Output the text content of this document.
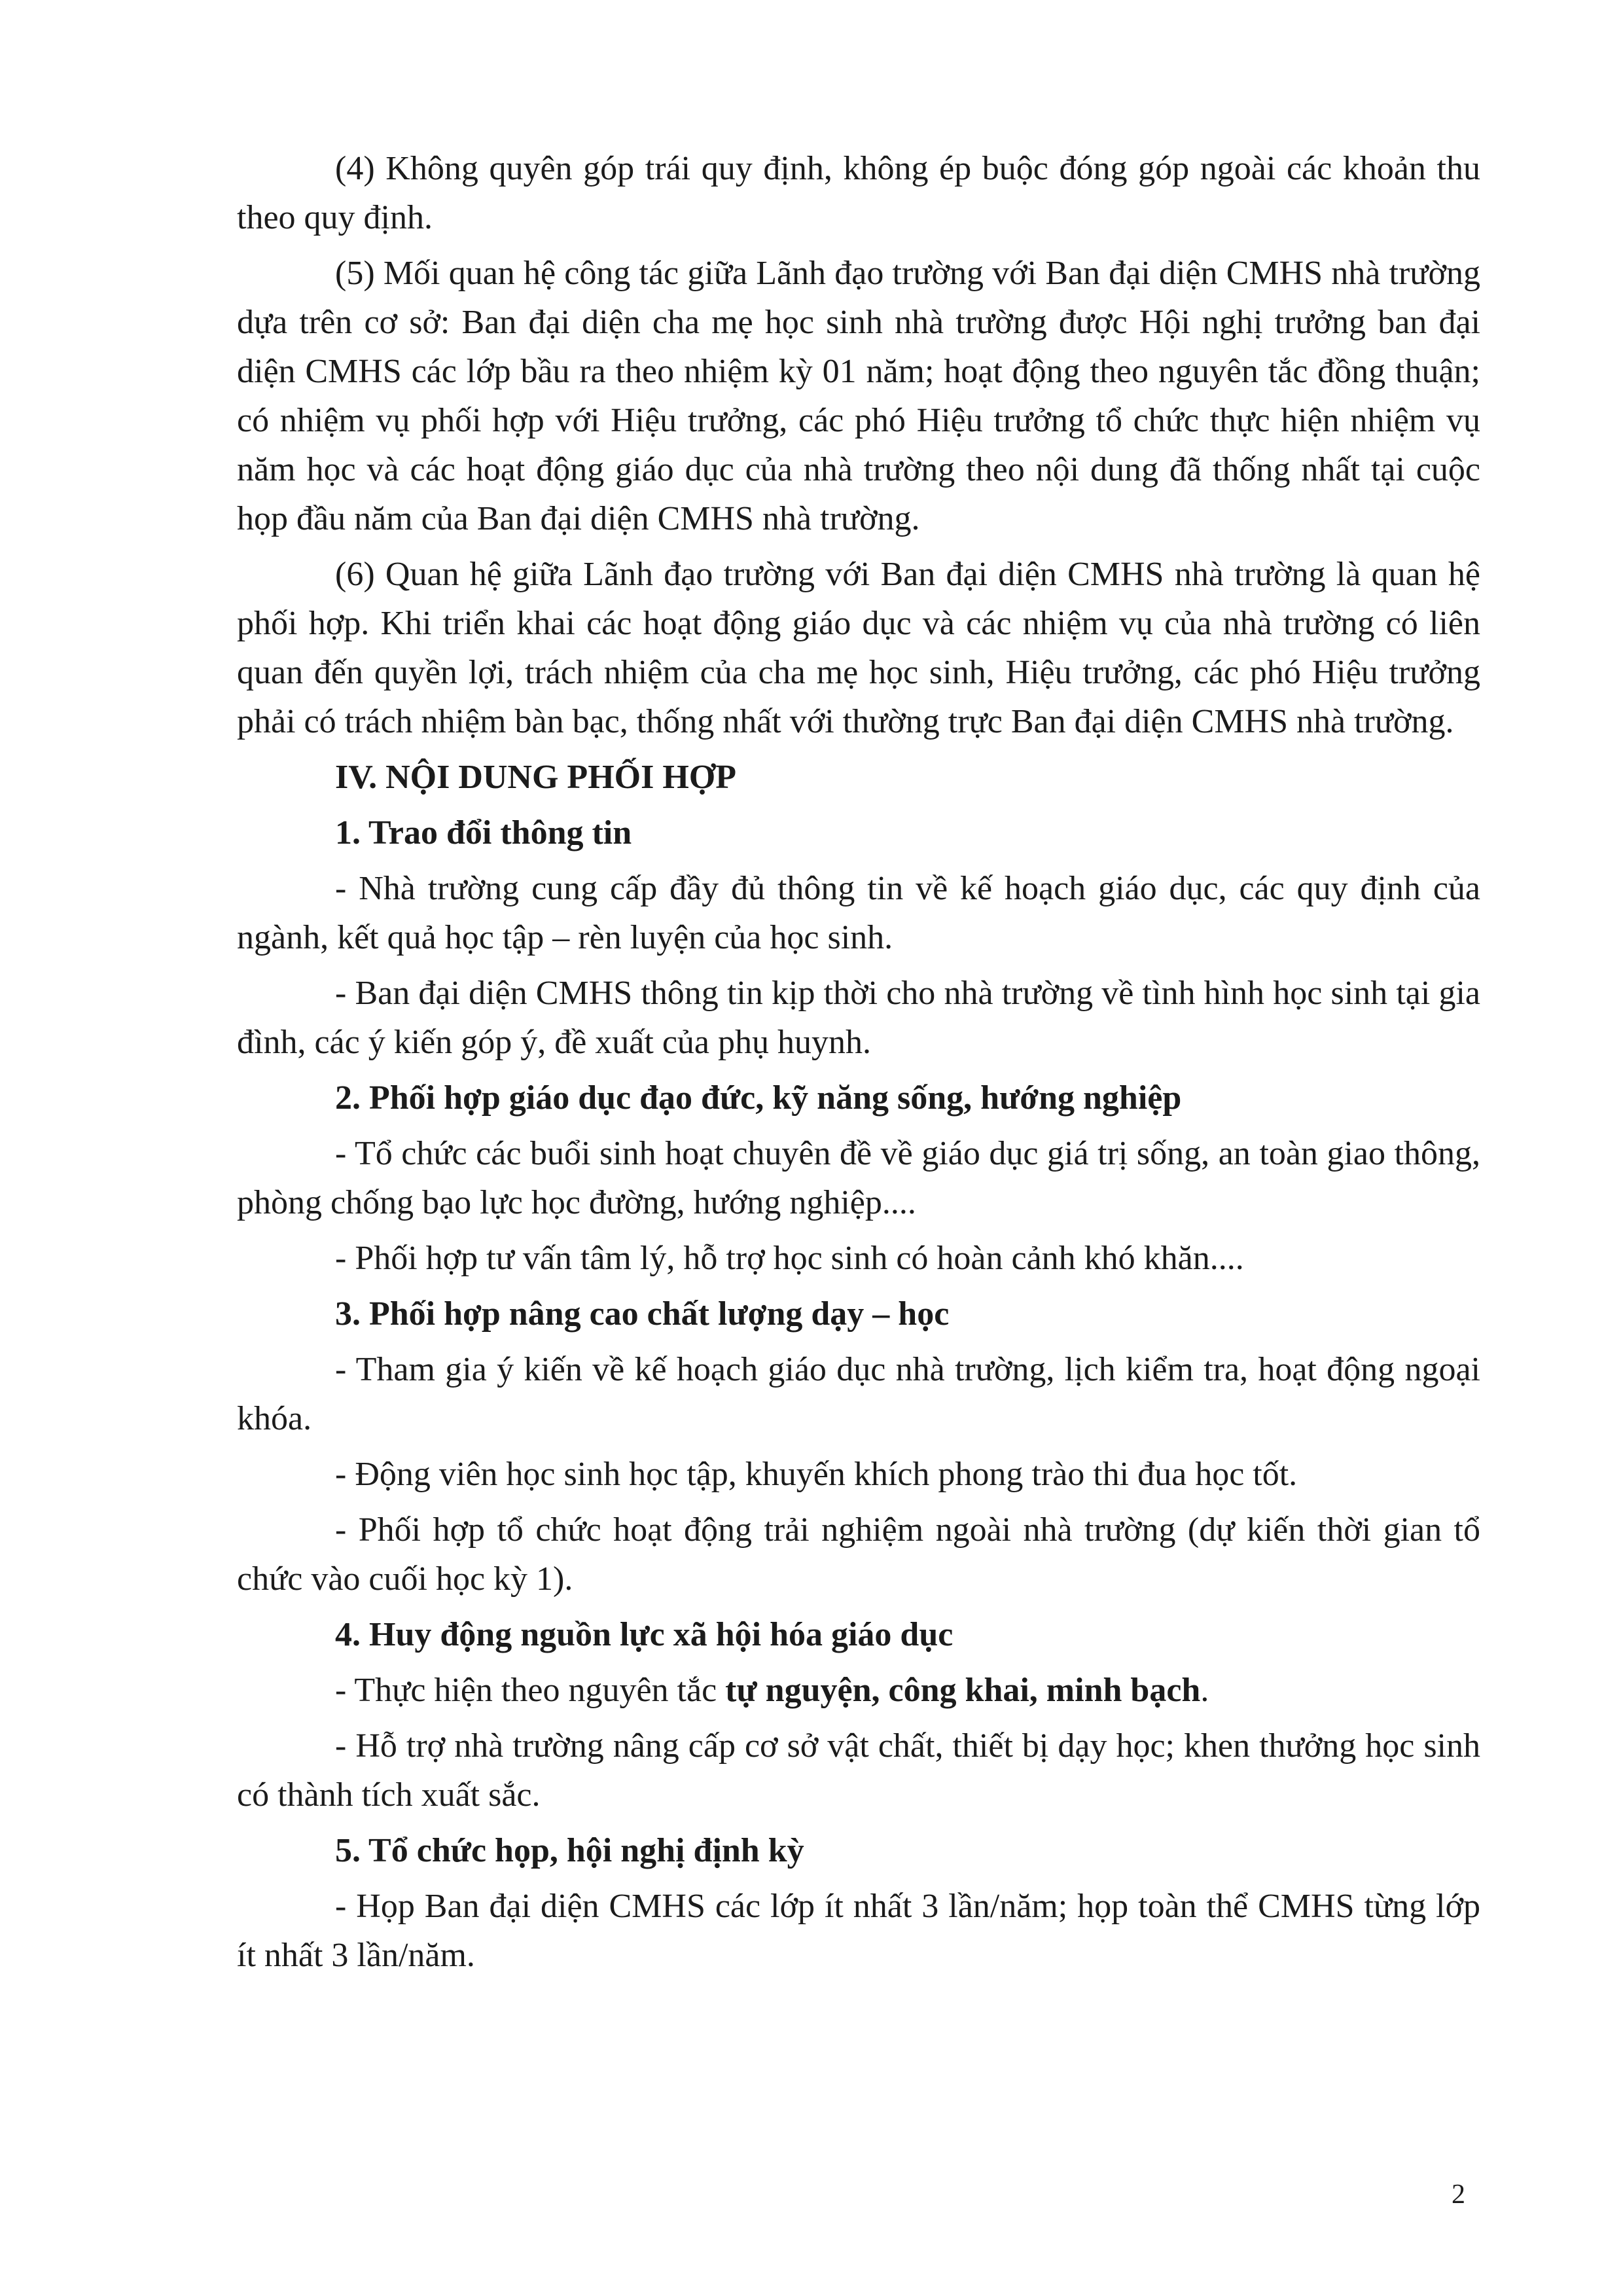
(4) Không quyên góp trái quy định, không ép buộc đóng góp ngoài các khoản thu theo quy định.

(5) Mối quan hệ công tác giữa Lãnh đạo trường với Ban đại diện CMHS nhà trường dựa trên cơ sở: Ban đại diện cha mẹ học sinh nhà trường được Hội nghị trưởng ban đại diện CMHS các lớp bầu ra theo nhiệm kỳ 01 năm; hoạt động theo nguyên tắc đồng thuận; có nhiệm vụ phối hợp với Hiệu trưởng, các phó Hiệu trưởng tổ chức thực hiện nhiệm vụ năm học và các hoạt động giáo dục của nhà trường theo nội dung đã thống nhất tại cuộc họp đầu năm của Ban đại diện CMHS nhà trường.

(6) Quan hệ giữa Lãnh đạo trường với Ban đại diện CMHS nhà trường là quan hệ phối hợp. Khi triển khai các hoạt động giáo dục và các nhiệm vụ của nhà trường có liên quan đến quyền lợi, trách nhiệm của cha mẹ học sinh, Hiệu trưởng, các phó Hiệu trưởng phải có trách nhiệm bàn bạc, thống nhất với thường trực Ban đại diện CMHS nhà trường.

IV. NỘI DUNG PHỐI HỢP

1. Trao đổi thông tin

- Nhà trường cung cấp đầy đủ thông tin về kế hoạch giáo dục, các quy định của ngành, kết quả học tập – rèn luyện của học sinh.

- Ban đại diện CMHS thông tin kịp thời cho nhà trường về tình hình học sinh tại gia đình, các ý kiến góp ý, đề xuất của phụ huynh.

2. Phối hợp giáo dục đạo đức, kỹ năng sống, hướng nghiệp

- Tổ chức các buổi sinh hoạt chuyên đề về giáo dục giá trị sống, an toàn giao thông, phòng chống bạo lực học đường, hướng nghiệp....

- Phối hợp tư vấn tâm lý, hỗ trợ học sinh có hoàn cảnh khó khăn....

3. Phối hợp nâng cao chất lượng dạy – học

- Tham gia ý kiến về kế hoạch giáo dục nhà trường, lịch kiểm tra, hoạt động ngoại khóa.

- Động viên học sinh học tập, khuyến khích phong trào thi đua học tốt.

- Phối hợp tổ chức hoạt động trải nghiệm ngoài nhà trường (dự kiến thời gian tổ chức vào cuối học kỳ 1).

4. Huy động nguồn lực xã hội hóa giáo dục

- Thực hiện theo nguyên tắc tự nguyện, công khai, minh bạch.

- Hỗ trợ nhà trường nâng cấp cơ sở vật chất, thiết bị dạy học; khen thưởng học sinh có thành tích xuất sắc.

5. Tổ chức họp, hội nghị định kỳ

- Họp Ban đại diện CMHS các lớp ít nhất 3 lần/năm; họp toàn thể CMHS từng lớp ít nhất 3 lần/năm.

2
